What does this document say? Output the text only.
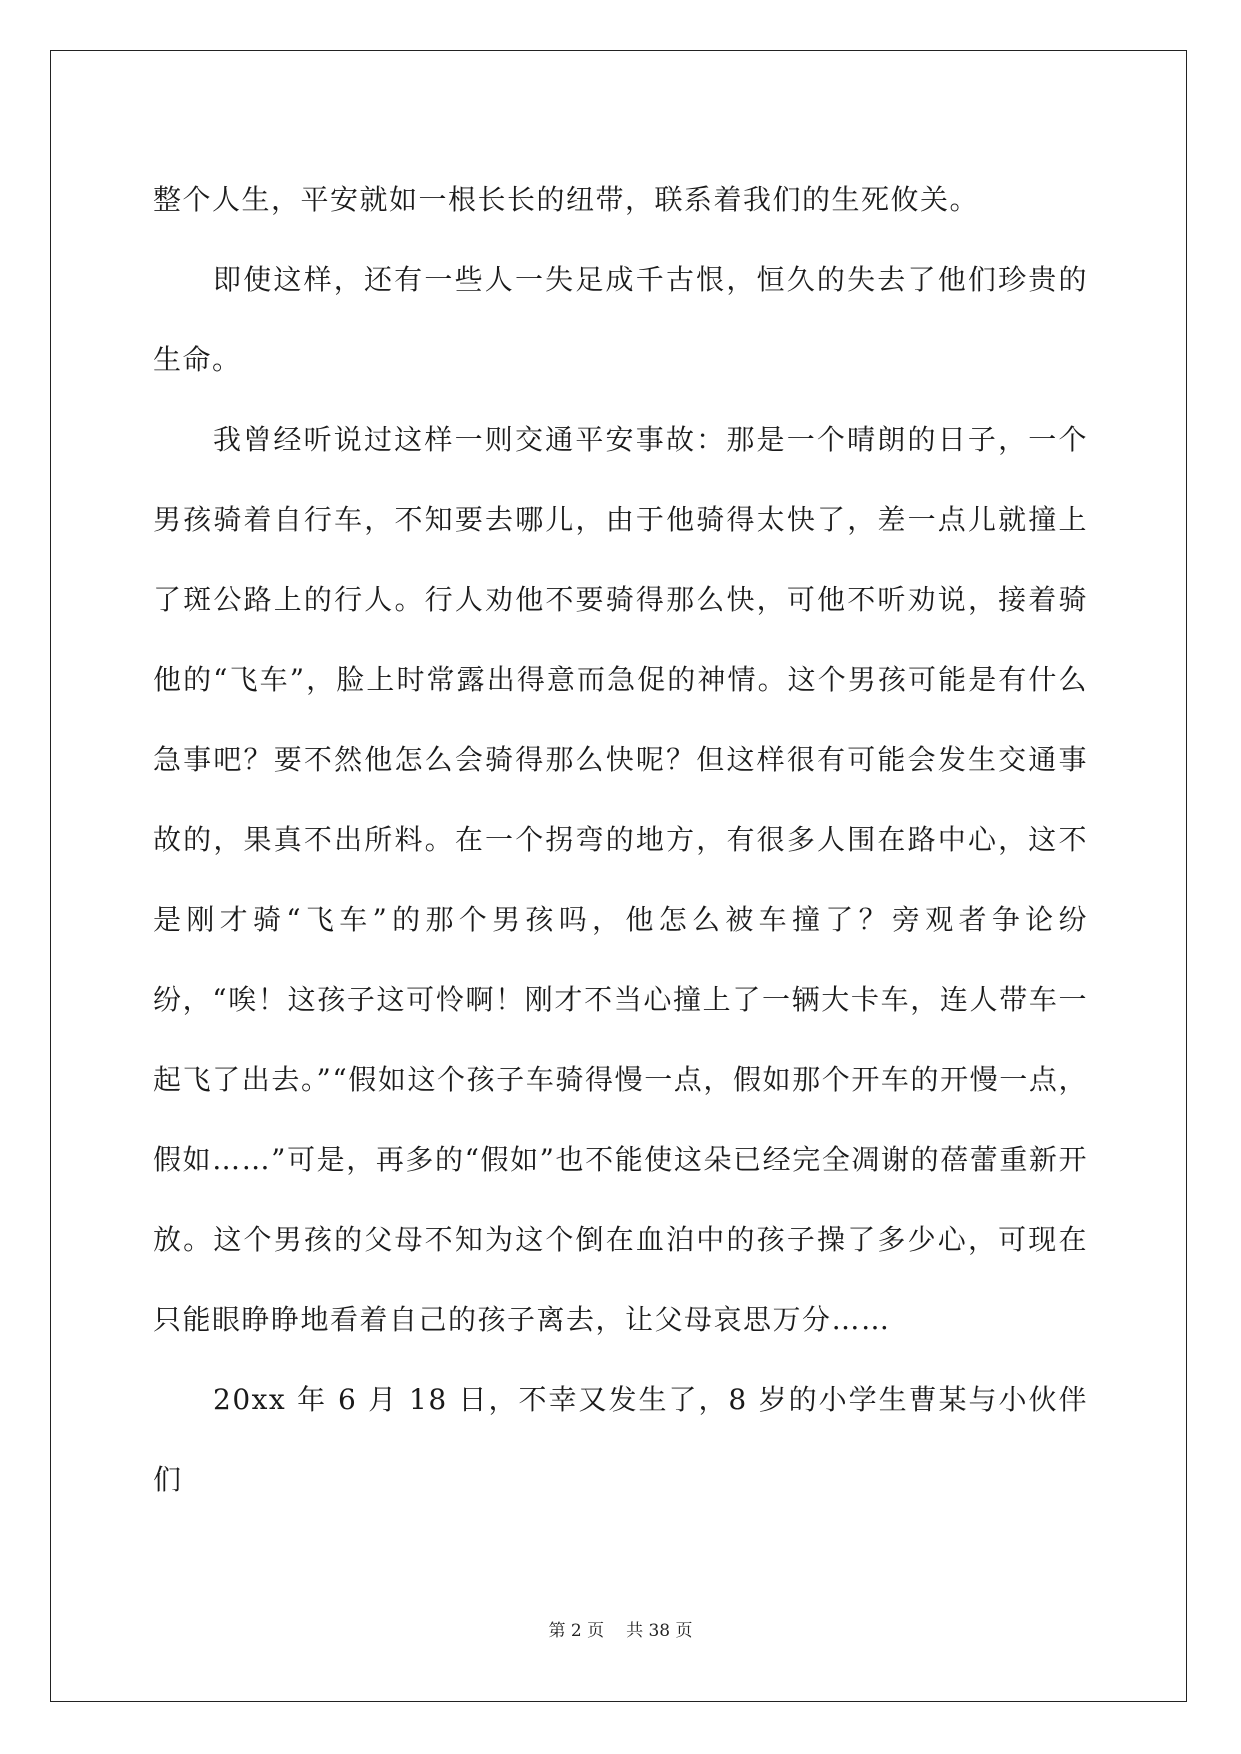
整个人生，平安就如一根长长的纽带，联系着我们的生死攸关。

即使这样，还有一些人一失足成千古恨，恒久的失去了他们珍贵的生命。

我曾经听说过这样一则交通平安事故：那是一个晴朗的日子，一个男孩骑着自行车，不知要去哪儿，由于他骑得太快了，差一点儿就撞上了斑公路上的行人。行人劝他不要骑得那么快，可他不听劝说，接着骑他的“飞车”，脸上时常露出得意而急促的神情。这个男孩可能是有什么急事吧？要不然他怎么会骑得那么快呢？但这样很有可能会发生交通事故的，果真不出所料。在一个拐弯的地方，有很多人围在路中心，这不是刚才骑“飞车”的那个男孩吗，他怎么被车撞了？旁观者争论纷纷，“唉！这孩子这可怜啊！刚才不当心撞上了一辆大卡车，连人带车一起飞了出去。”“假如这个孩子车骑得慢一点，假如那个开车的开慢一点，假如……”可是，再多的“假如”也不能使这朵已经完全凋谢的蓓蕾重新开放。这个男孩的父母不知为这个倒在血泊中的孩子操了多少心，可现在只能眼睁睁地看着自己的孩子离去，让父母哀思万分……

20xx 年 6 月 18 日，不幸又发生了，8 岁的小学生曹某与小伙伴们

第 2 页 共 38 页
